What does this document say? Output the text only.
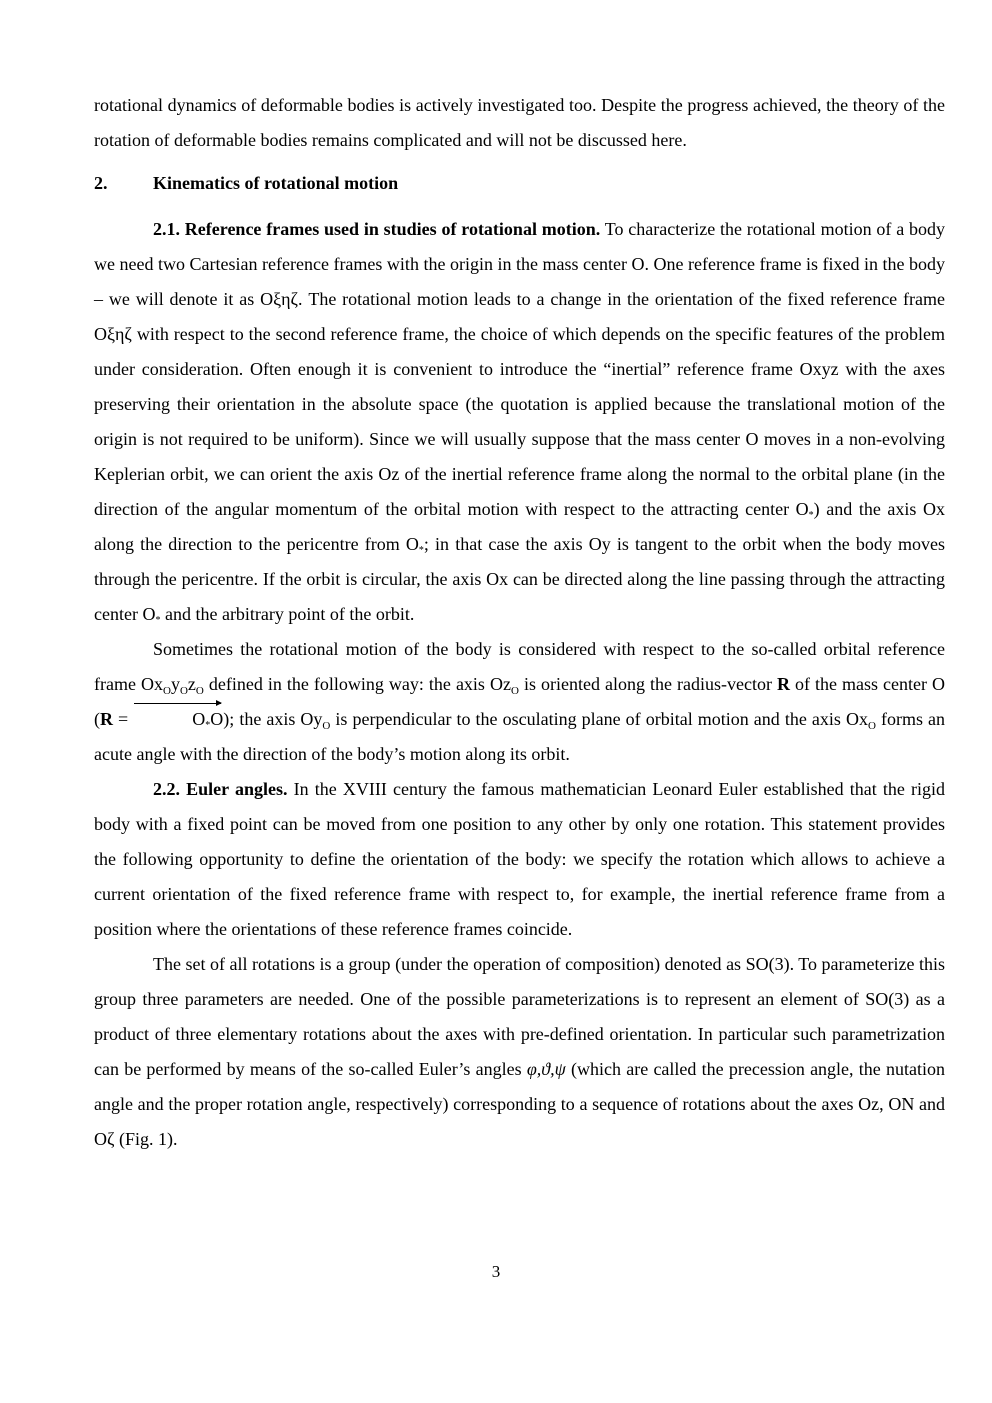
rotational dynamics of deformable bodies is actively investigated too. Despite the progress achieved, the theory of the rotation of deformable bodies remains complicated and will not be discussed here.

2.	Kinematics of rotational motion

2.1. Reference frames used in studies of rotational motion. To characterize the rotational motion of a body we need two Cartesian reference frames with the origin in the mass center O. One reference frame is fixed in the body – we will denote it as Oξηζ. The rotational motion leads to a change in the orientation of the fixed reference frame Oξηζ with respect to the second reference frame, the choice of which depends on the specific features of the problem under consideration. Often enough it is convenient to introduce the “inertial” reference frame Oxyz with the axes preserving their orientation in the absolute space (the quotation is applied because the translational motion of the origin is not required to be uniform). Since we will usually suppose that the mass center O moves in a non-evolving Keplerian orbit, we can orient the axis Oz of the inertial reference frame along the normal to the orbital plane (in the direction of the angular momentum of the orbital motion with respect to the attracting center $O_*$) and the axis Ox along the direction to the pericentre from $O_*$; in that case the axis Oy is tangent to the orbit when the body moves through the pericentre. If the orbit is circular, the axis Ox can be directed along the line passing through the attracting center $O_*$ and the arbitrary point of the orbit.

Sometimes the rotational motion of the body is considered with respect to the so-called orbital reference frame $Ox_Oy_Oz_O$ defined in the following way: the axis $Oz_O$ is oriented along the radius-vector R of the mass center O (R =	$O_*O$); the axis $Oy_O$ is perpendicular to the osculating plane of orbital motion and the axis $Ox_O$ forms an acute angle with the direction of the body’s motion along its orbit.

2.2. Euler angles. In the XVIII century the famous mathematician Leonard Euler established that the rigid body with a fixed point can be moved from one position to any other by only one rotation. This statement provides the following opportunity to define the orientation of the body: we specify the rotation which allows to achieve a current orientation of the fixed reference frame with respect to, for example, the inertial reference frame from a position where the orientations of these reference frames coincide.

The set of all rotations is a group (under the operation of composition) denoted as SO(3). To parameterize this group three parameters are needed. One of the possible parameterizations is to represent an element of SO(3) as a product of three elementary rotations about the axes with pre-defined orientation. In particular such parametrization can be performed by means of the so-called Euler’s angles φ,ϑ,ψ (which are called the precession angle, the nutation angle and the proper rotation angle, respectively) corresponding to a sequence of rotations about the axes Oz, ON and Oζ (Fig. 1).

3
